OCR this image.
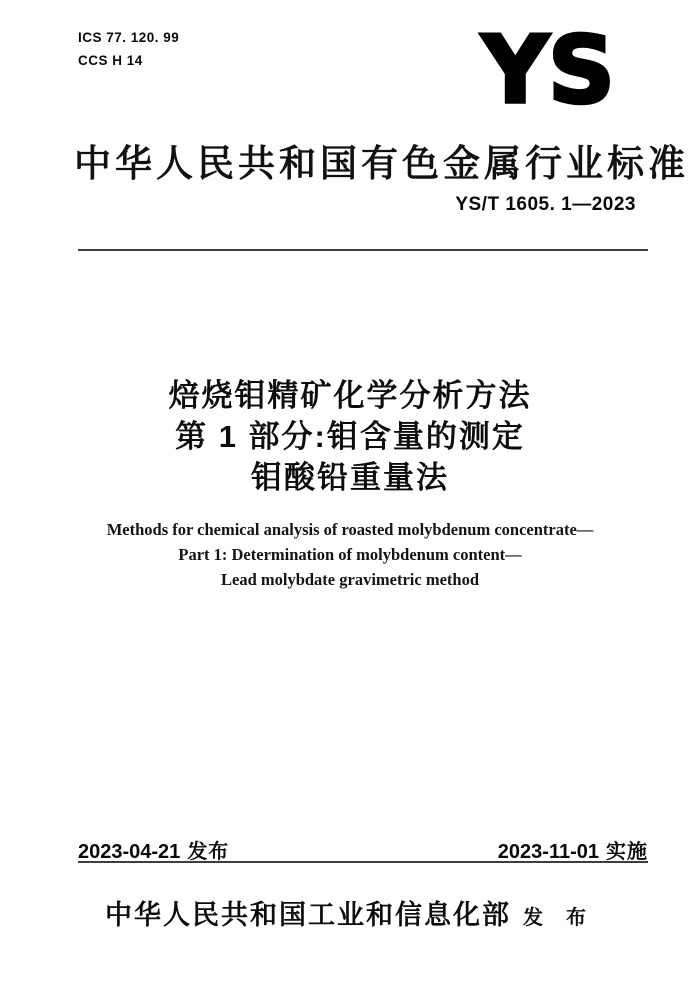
ICS 77. 120. 99
CCS H 14	YS
中华人民共和国有色金属行业标准
YS/T 1605. 1—2023
焙烧钼精矿化学分析方法
第 1 部分:钼含量的测定
钼酸铅重量法
Methods for chemical analysis of roasted molybdenum concentrate—
Part 1: Determination of molybdenum content—
Lead molybdate gravimetric method
2023-04-21 发布	2023-11-01 实施
中华人民共和国工业和信息化部 发 布
